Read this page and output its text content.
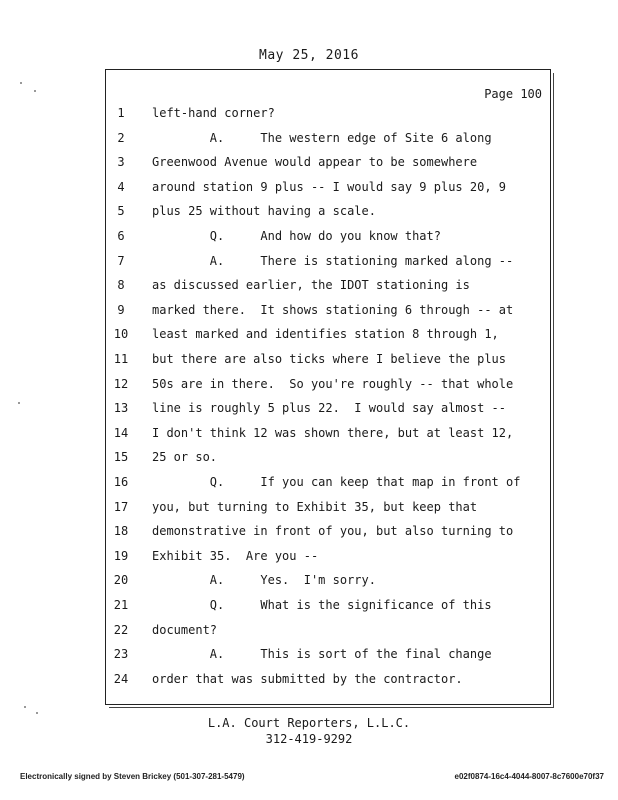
May 25, 2016
Page 100
1	left-hand corner?
2	A.     The western edge of Site 6 along
3	Greenwood Avenue would appear to be somewhere
4	around station 9 plus -- I would say 9 plus 20, 9
5	plus 25 without having a scale.
6	Q.     And how do you know that?
7	A.     There is stationing marked along --
8	as discussed earlier, the IDOT stationing is
9	marked there.  It shows stationing 6 through -- at
10	least marked and identifies station 8 through 1,
11	but there are also ticks where I believe the plus
12	50s are in there.  So you're roughly -- that whole
13	line is roughly 5 plus 22.  I would say almost --
14	I don't think 12 was shown there, but at least 12,
15	25 or so.
16	Q.     If you can keep that map in front of
17	you, but turning to Exhibit 35, but keep that
18	demonstrative in front of you, but also turning to
19	Exhibit 35.  Are you --
20	A.     Yes.  I'm sorry.
21	Q.     What is the significance of this
22	document?
23	A.     This is sort of the final change
24	order that was submitted by the contractor.
L.A. Court Reporters, L.L.C.
312-419-9292
Electronically signed by Steven Brickey (501-307-281-5479)	e02f0874-16c4-4044-8007-8c7600e70f37
